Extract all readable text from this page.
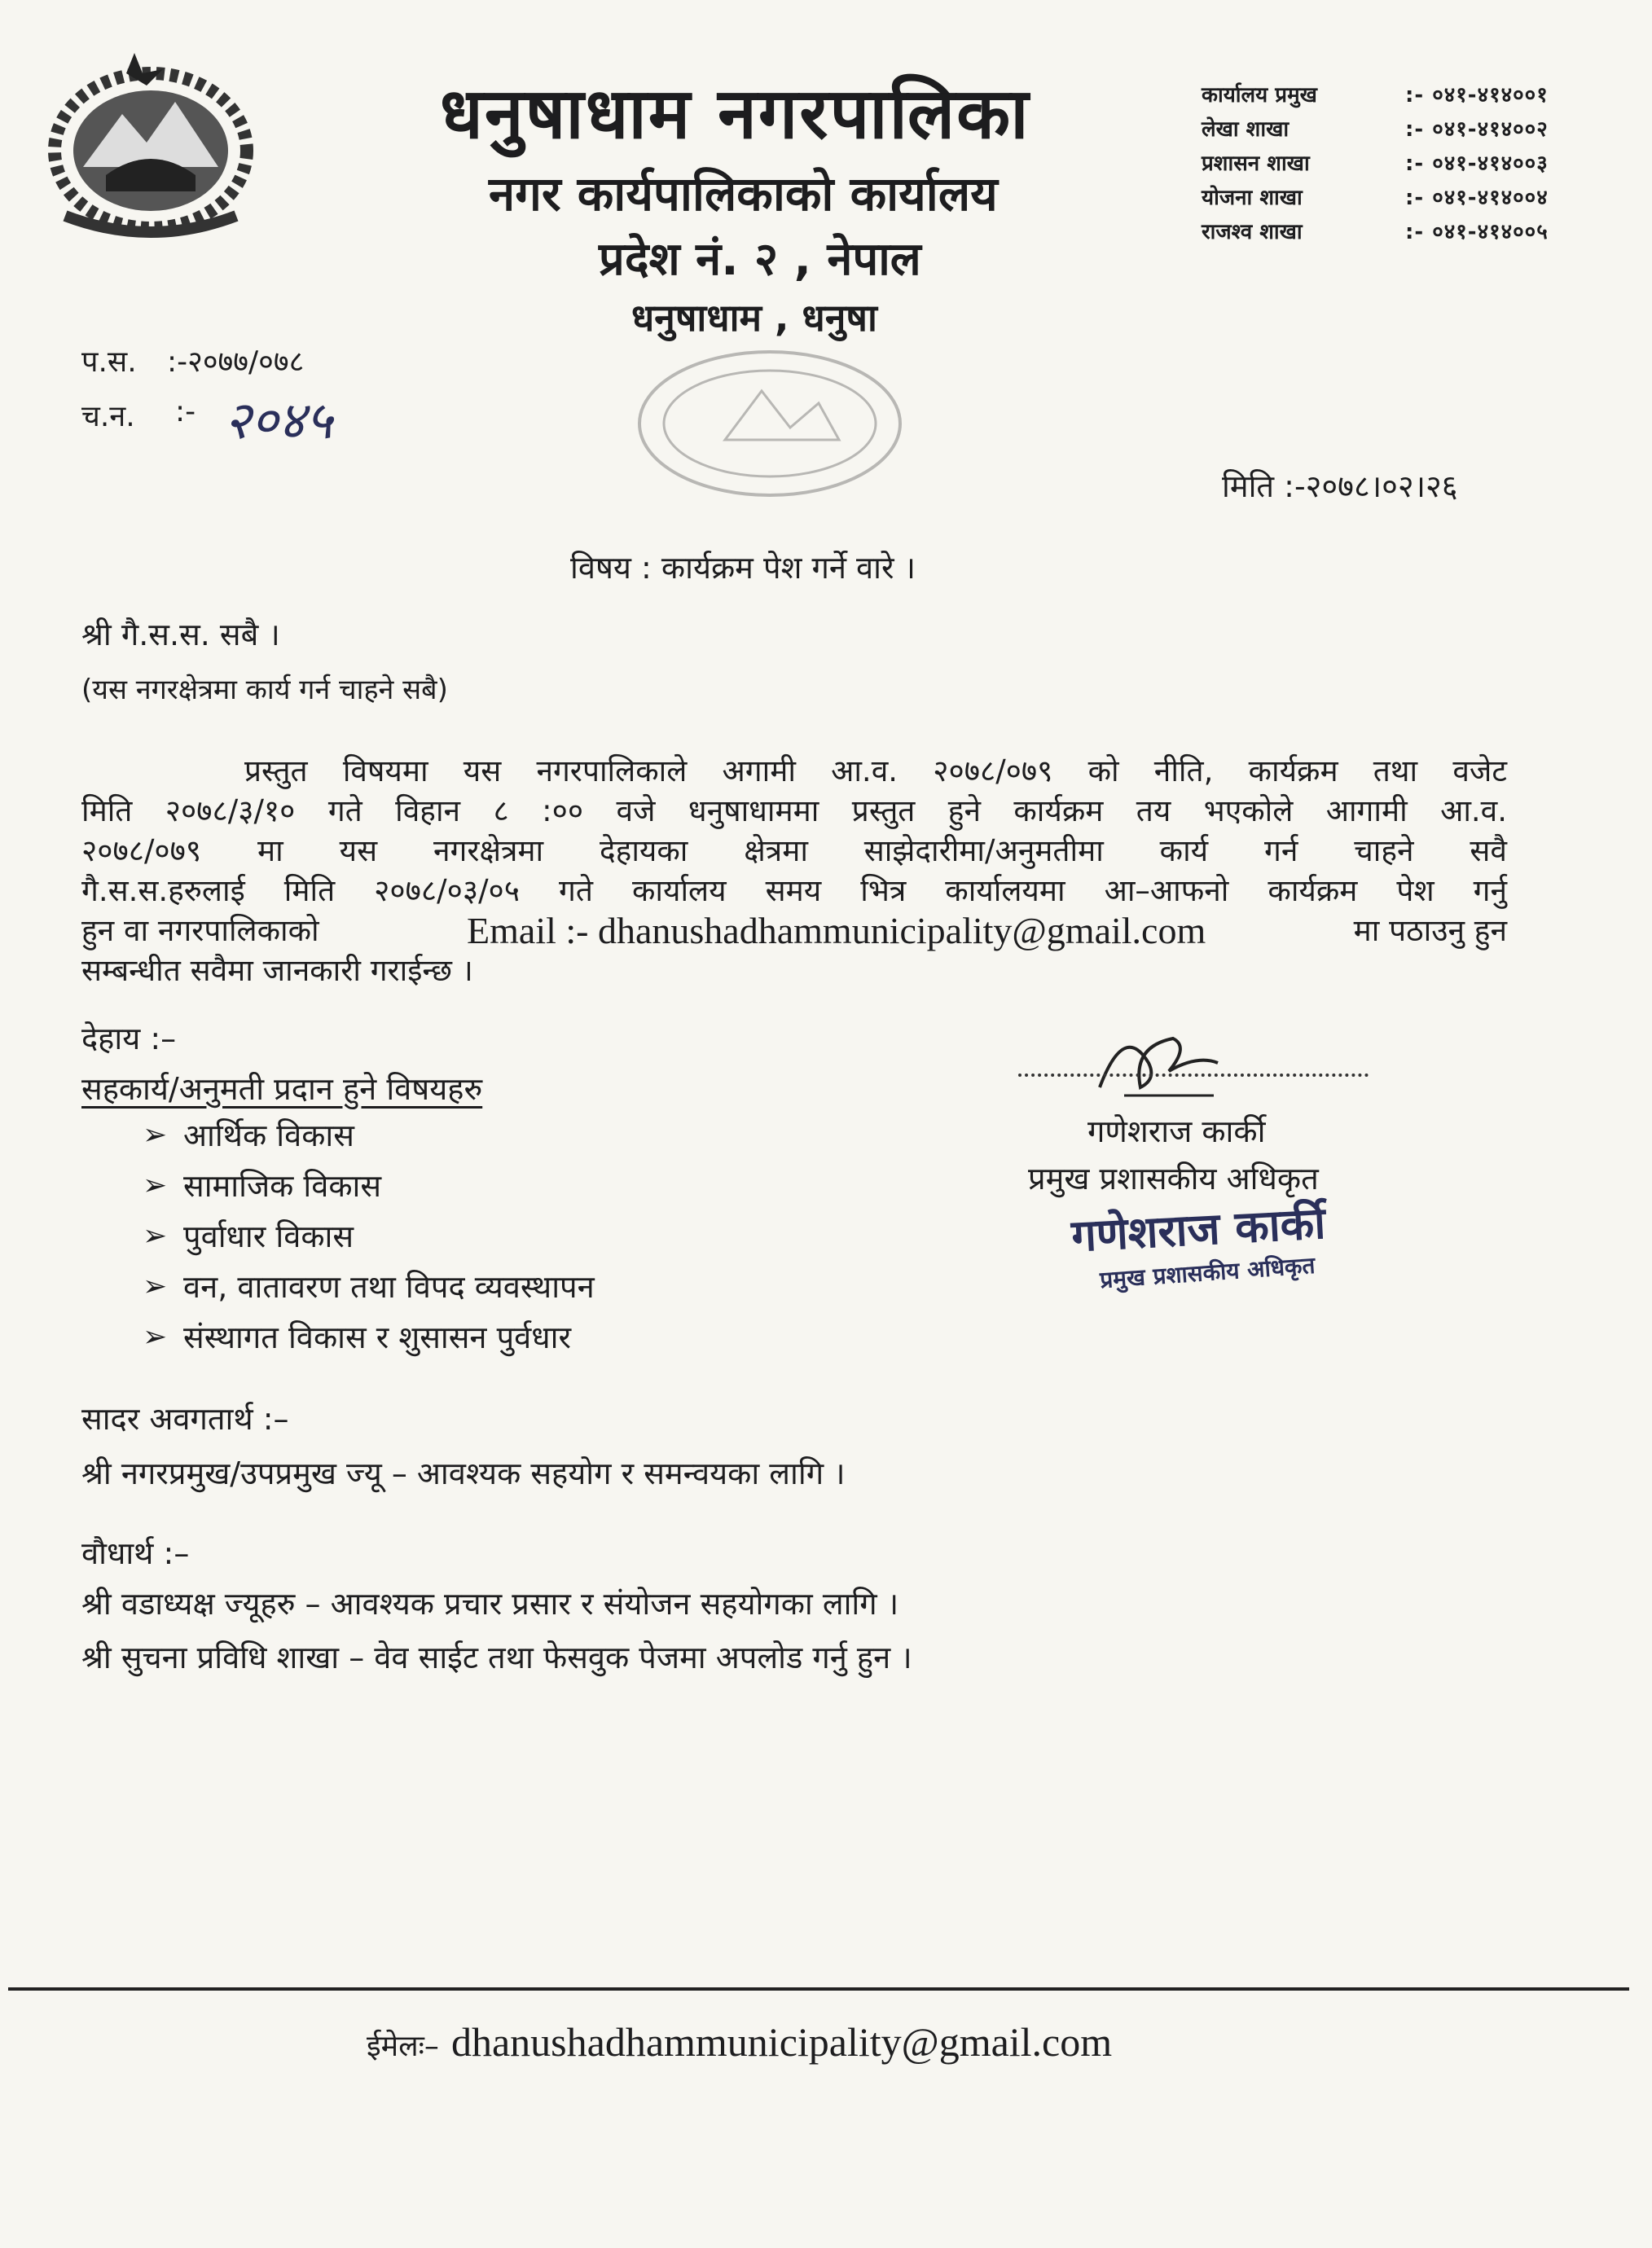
धनुषाधाम नगरपालिका
नगर कार्यपालिकाको कार्यालय
प्रदेश नं. २ , नेपाल
धनुषाधाम , धनुषा
कार्यालय प्रमुख	:- ०४१-४१४००१
लेखा शाखा	:- ०४१-४१४००२
प्रशासन शाखा	:- ०४१-४१४००३
योजना शाखा	:- ०४१-४१४००४
राजश्व शाखा	:- ०४१-४१४००५
प.स. :-२०७७/०७८
च.न. :- २०४५
मिति :-२०७८।०२।२६
विषय : कार्यक्रम पेश गर्ने वारे ।
श्री गै.स.स. सबै ।
(यस नगरक्षेत्रमा कार्य गर्न चाहने सबै)
प्रस्तुत विषयमा यस नगरपालिकाले अगामी आ.व. २०७८/०७९ को नीति, कार्यक्रम तथा वजेट
मिति २०७८/३/१० गते विहान ८ :०० वजे धनुषाधाममा प्रस्तुत हुने कार्यक्रम तय भएकोले आगामी आ.व.
२०७८/०७९ मा यस नगरक्षेत्रमा देहायका क्षेत्रमा साझेदारीमा/अनुमतीमा कार्य गर्न चाहने सवै
गै.स.स.हरुलाई मिति २०७८/०३/०५ गते कार्यालय समय भित्र कार्यालयमा आ–आफनो कार्यक्रम पेश गर्नु
हुन वा नगरपालिकाको	Email :- dhanushadhammunicipality@gmail.com	मा पठाउनु हुन
सम्बन्धीत सवैमा जानकारी गराईन्छ ।
देहाय :–
सहकार्य/अनुमती प्रदान हुने विषयहरु
➢ आर्थिक विकास
➢ सामाजिक विकास
➢ पुर्वाधार विकास
➢ वन, वातावरण तथा विपद व्यवस्थापन
➢ संस्थागत विकास र शुसासन पुर्वधार
गणेशराज कार्की
प्रमुख प्रशासकीय अधिकृत
गणेशराज कार्की
प्रमुख प्रशासकीय अधिकृत
सादर अवगतार्थ :–
श्री नगरप्रमुख/उपप्रमुख ज्यू – आवश्यक सहयोग र समन्वयका लागि ।
वौधार्थ :–
श्री वडाध्यक्ष ज्यूहरु – आवश्यक प्रचार प्रसार र संयोजन सहयोगका लागि ।
श्री सुचना प्रविधि शाखा – वेव साईट तथा फेसवुक पेजमा अपलोड गर्नु हुन ।
ईमेलः– dhanushadhammunicipality@gmail.com
